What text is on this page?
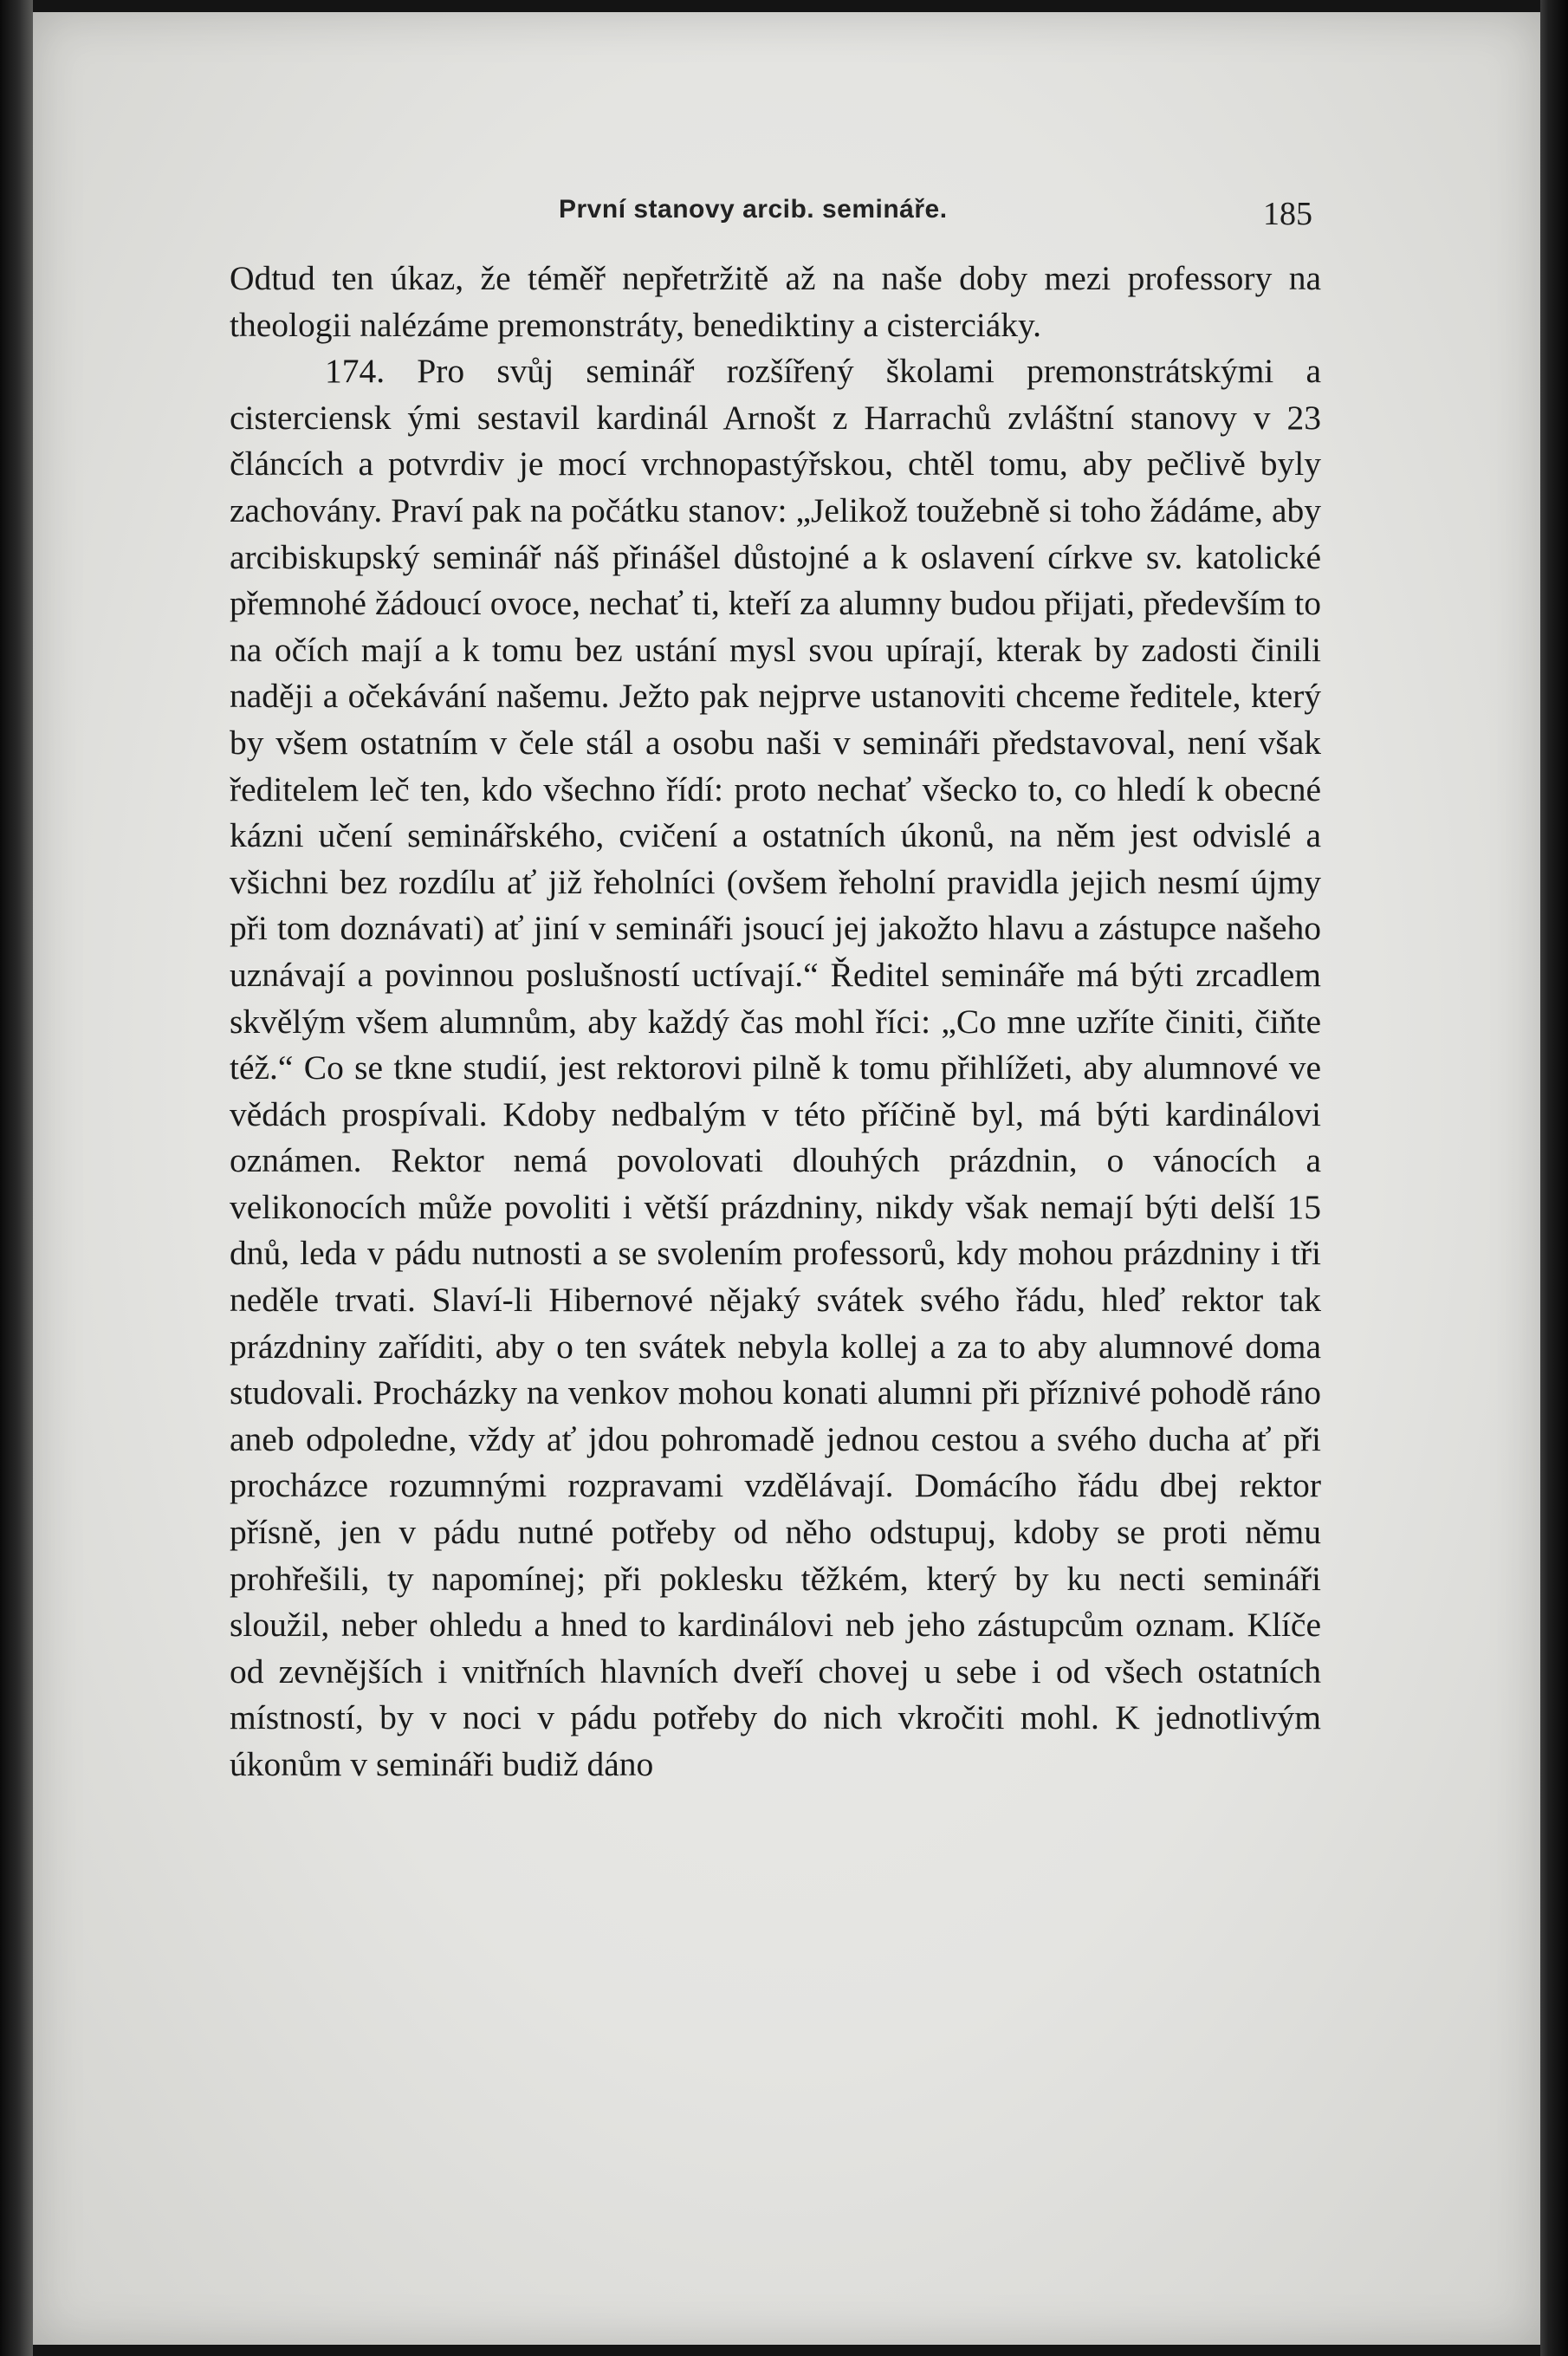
První stanovy arcib. semináře.	185

Odtud ten úkaz, že téměř nepřetržitě až na naše doby mezi professory na theologii nalézáme premonstráty, benediktiny a cisterciáky.

174. Pro svůj seminář rozšířený školami premonstrátskými a cisterciensk ými sestavil kardinál Arnošt z Harrachů zvláštní stanovy v 23 článcích a potvrdiv je mocí vrchnopastýřskou, chtěl tomu, aby pečlivě byly zachovány. Praví pak na počátku stanov: „Jelikož toužebně si toho žádáme, aby arcibiskupský seminář náš přinášel důstojné a k oslavení církve sv. katolické přemnohé žádoucí ovoce, nechať ti, kteří za alumny budou přijati, především to na očích mají a k tomu bez ustání mysl svou upírají, kterak by zadosti činili naději a očekávání našemu. Ježto pak nejprve ustanoviti chceme ředitele, který by všem ostatním v čele stál a osobu naši v semináři představoval, není však ředitelem leč ten, kdo všechno řídí: proto nechať všecko to, co hledí k obecné kázni učení seminářského, cvičení a ostatních úkonů, na něm jest odvislé a všichni bez rozdílu ať již řeholníci (ovšem řeholní pravidla jejich nesmí újmy při tom doznávati) ať jiní v semináři jsoucí jej jakožto hlavu a zástupce našeho uznávají a povinnou poslušností uctívají.“ Ředitel semináře má býti zrcadlem skvělým všem alumnům, aby každý čas mohl říci: „Co mne uzříte činiti, čiňte též.“ Co se tkne studií, jest rektorovi pilně k tomu přihlížeti, aby alumnové ve vědách prospívali. Kdoby nedbalým v této příčině byl, má býti kardinálovi oznámen. Rektor nemá povolovati dlouhých prázdnin, o vánocích a velikonocích může povoliti i větší prázdniny, nikdy však nemají býti delší 15 dnů, leda v pádu nutnosti a se svolením professorů, kdy mohou prázdniny i tři neděle trvati. Slaví-li Hibernové nějaký svátek svého řádu, hleď rektor tak prázdniny zaříditi, aby o ten svátek nebyla kollej a za to aby alumnové doma studovali. Procházky na venkov mohou konati alumni při příznivé pohodě ráno aneb odpoledne, vždy ať jdou pohromadě jednou cestou a svého ducha ať při procházce rozumnými rozpravami vzdělávají. Domácího řádu dbej rektor přísně, jen v pádu nutné potřeby od něho odstupuj, kdoby se proti němu prohřešili, ty napomínej; při poklesku těžkém, který by ku necti semináři sloužil, neber ohledu a hned to kardinálovi neb jeho zástupcům oznam. Klíče od zevnějších i vnitřních hlavních dveří chovej u sebe i od všech ostatních místností, by v noci v pádu potřeby do nich vkročiti mohl. K jednotlivým úkonům v semináři budiž dáno
